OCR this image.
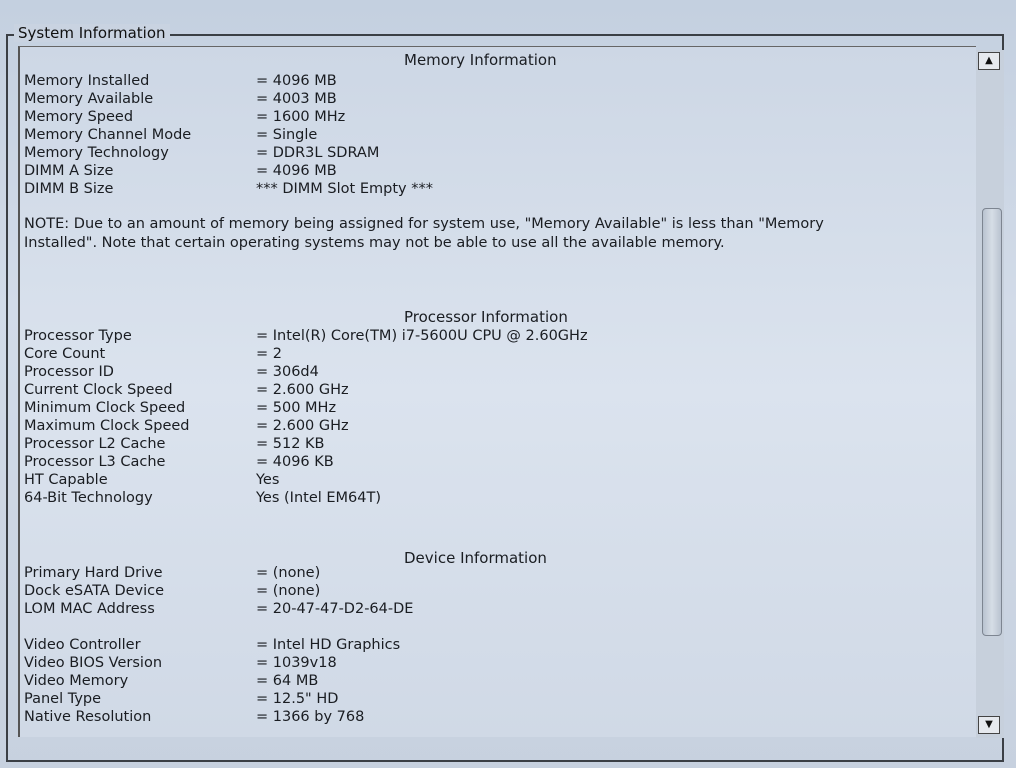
System Information
Memory Information
Memory Installed	= 4096 MB
Memory Available	= 4003 MB
Memory Speed	= 1600 MHz
Memory Channel Mode	= Single
Memory Technology	= DDR3L SDRAM
DIMM A Size	= 4096 MB
DIMM B Size	*** DIMM Slot Empty ***
NOTE: Due to an amount of memory being assigned for system use, "Memory Available" is less than "Memory Installed". Note that certain operating systems may not be able to use all the available memory.
Processor Information
Processor Type	= Intel(R) Core(TM) i7-5600U CPU @ 2.60GHz
Core Count	= 2
Processor ID	= 306d4
Current Clock Speed	= 2.600 GHz
Minimum Clock Speed	= 500 MHz
Maximum Clock Speed	= 2.600 GHz
Processor L2 Cache	= 512 KB
Processor L3 Cache	= 4096 KB
HT Capable	Yes
64-Bit Technology	Yes (Intel EM64T)
Device Information
Primary Hard Drive	= (none)
Dock eSATA Device	= (none)
LOM MAC Address	= 20-47-47-D2-64-DE
Video Controller	= Intel HD Graphics
Video BIOS Version	= 1039v18
Video Memory	= 64 MB
Panel Type	= 12.5" HD
Native Resolution	= 1366 by 768
▲
▼
